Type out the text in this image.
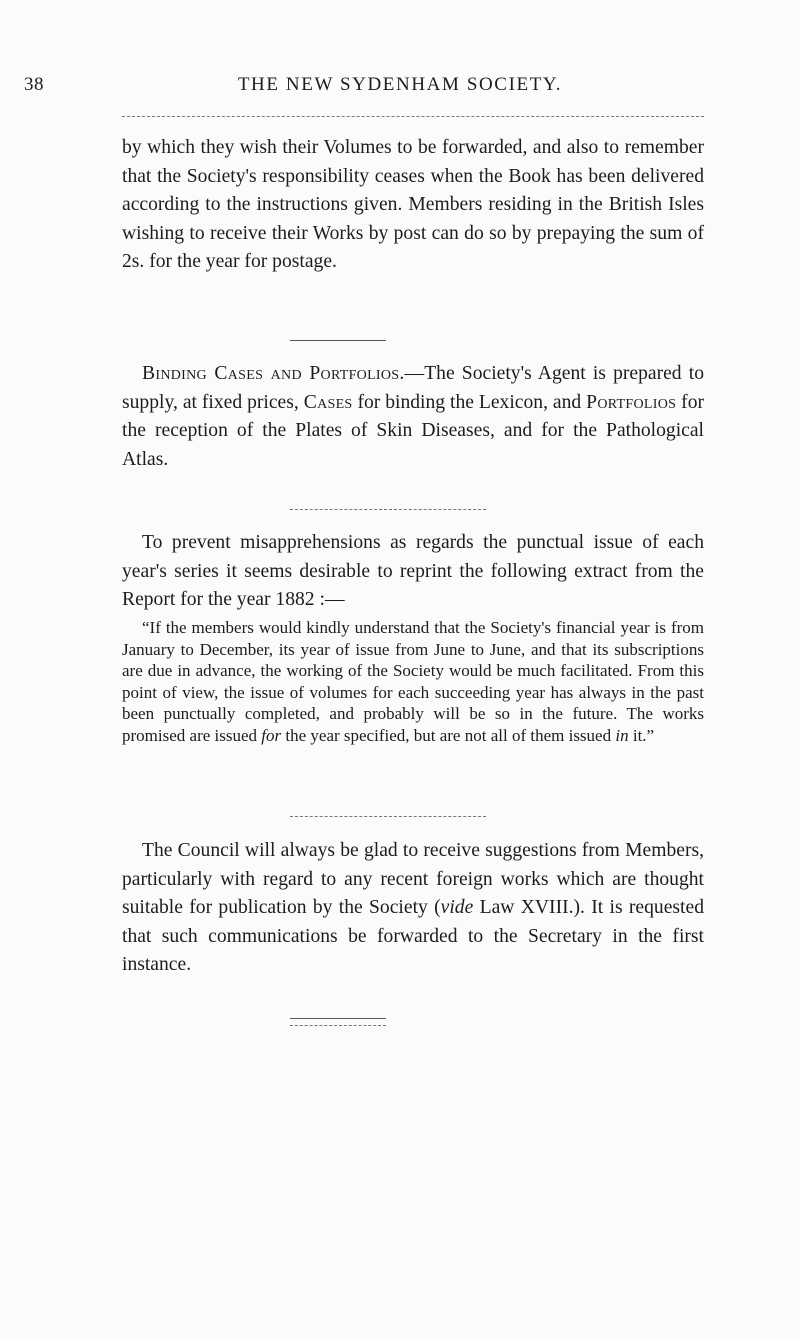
38	THE NEW SYDENHAM SOCIETY.

by which they wish their Volumes to be forwarded, and also to remember that the Society's responsibility ceases when the Book has been delivered according to the instructions given. Members residing in the British Isles wishing to receive their Works by post can do so by prepaying the sum of 2s. for the year for postage.

Binding Cases and Portfolios.—The Society's Agent is prepared to supply, at fixed prices, Cases for binding the Lexicon, and Portfolios for the reception of the Plates of Skin Diseases, and for the Pathological Atlas.

To prevent misapprehensions as regards the punctual issue of each year's series it seems desirable to reprint the following extract from the Report for the year 1882 :—

“If the members would kindly understand that the Society's financial year is from January to December, its year of issue from June to June, and that its subscriptions are due in advance, the working of the Society would be much facilitated. From this point of view, the issue of volumes for each succeeding year has always in the past been punctually completed, and probably will be so in the future. The works promised are issued for the year specified, but are not all of them issued in it.”

The Council will always be glad to receive suggestions from Members, particularly with regard to any recent foreign works which are thought suitable for publication by the Society (vide Law XVIII.). It is requested that such communications be forwarded to the Secretary in the first instance.
